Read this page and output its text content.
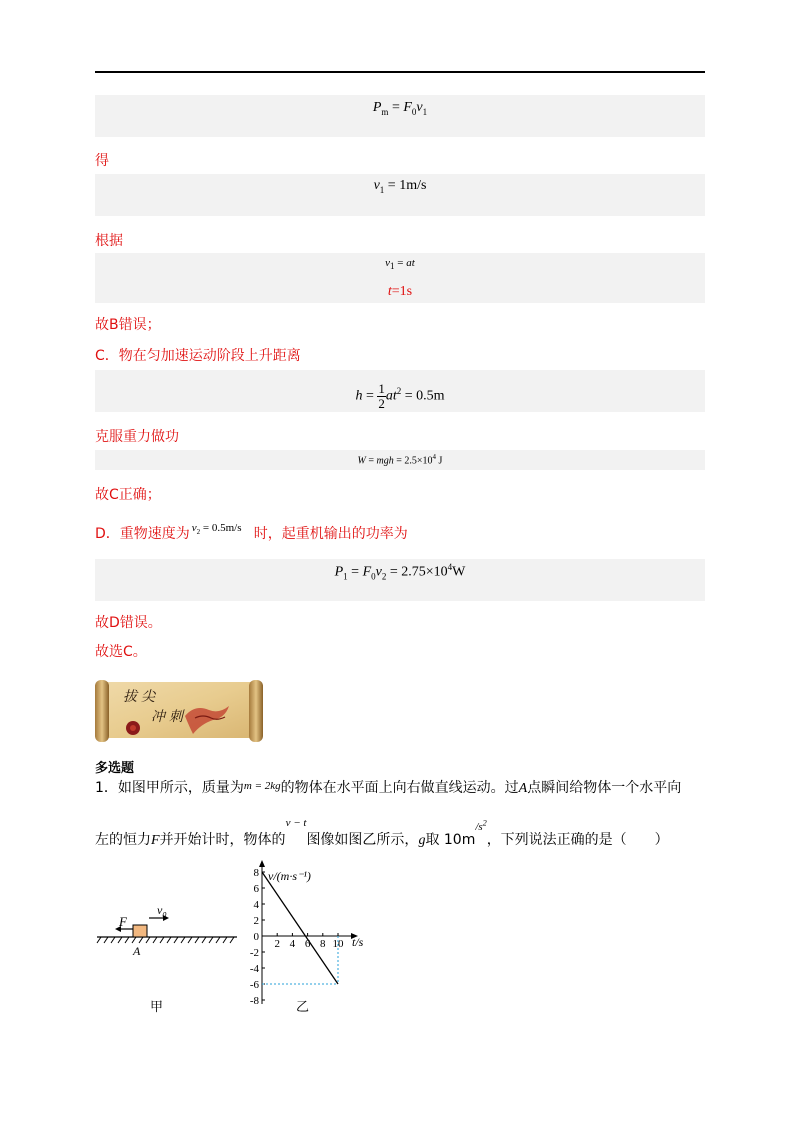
$P_m = F_0v_1$
得
$v_1 = 1m/s$
根据
$v_1$ = at
t=1s
故B错误；
C．物在匀加速运动阶段上升距离
$h = \frac{1}{2} at^2 = 0.5m$
克服重力做功
W = mgh = $2.5\times 10^4$ J
故C正确；
D．重物速度为 $v_2 = 0.5m/s$ 时，起重机输出的功率为
$P_1 = F_0v_2 = 2.75\times 10^4W$
故D错误。
故选C。
拔尖
冲刺
多选题
1．如图甲所示，质量为$^{m = 2kg}$的物体在水平面上向右做直线运动。过A点瞬间给物体一个水平向
左的恒力F并开始计时，物体的$^{v - t}$图像如图乙所示，g取 $10m^{/s^2}$，下列说法正确的是（　　）
F
$v_0$
A
甲
8
6
4
2
0
-2
-4
-6
-8
2 4 6 8 10
v/(m·s⁻¹)
t/s
乙
